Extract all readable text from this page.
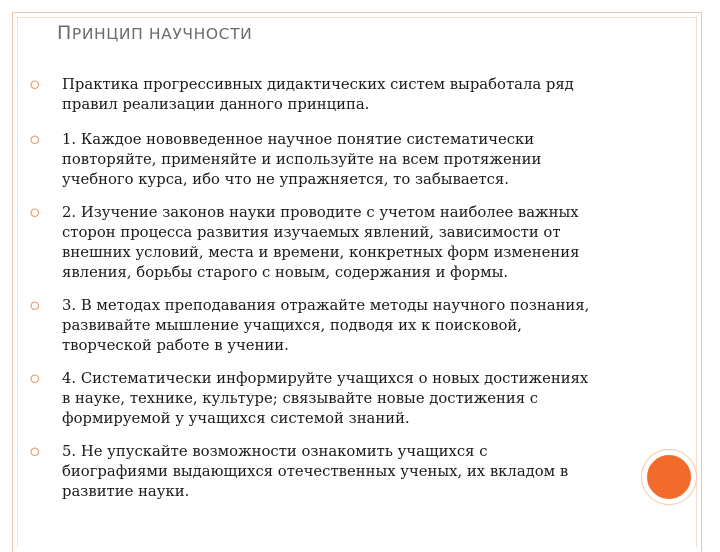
ПРИНЦИП НАУЧНОСТИ
⭘ Практика прогрессивных дидактических систем выработала ряд правил реализации данного принципа.
⭘ 1. Каждое нововведенное научное понятие систематически повторяйте, применяйте и используйте на всем протяжении учебного курса, ибо что не упражняется, то забывается.
⭘ 2. Изучение законов науки проводите с учетом наиболее важных сторон процесса развития изучаемых явлений, зависимости от внешних условий, места и времени, конкретных форм изменения явления, борьбы старого с новым, содержания и формы.
⭘ 3. В методах преподавания отражайте методы научного познания, развивайте мышление учащихся, подводя их к поисковой, творческой работе в учении.
⭘ 4. Систематически информируйте учащихся о новых достижениях в науке, технике, культуре; связывайте новые достижения с формируемой у учащихся системой знаний.
⭘ 5. Не упускайте возможности ознакомить учащихся с биографиями выдающихся отечественных ученых, их вкладом в развитие науки.
